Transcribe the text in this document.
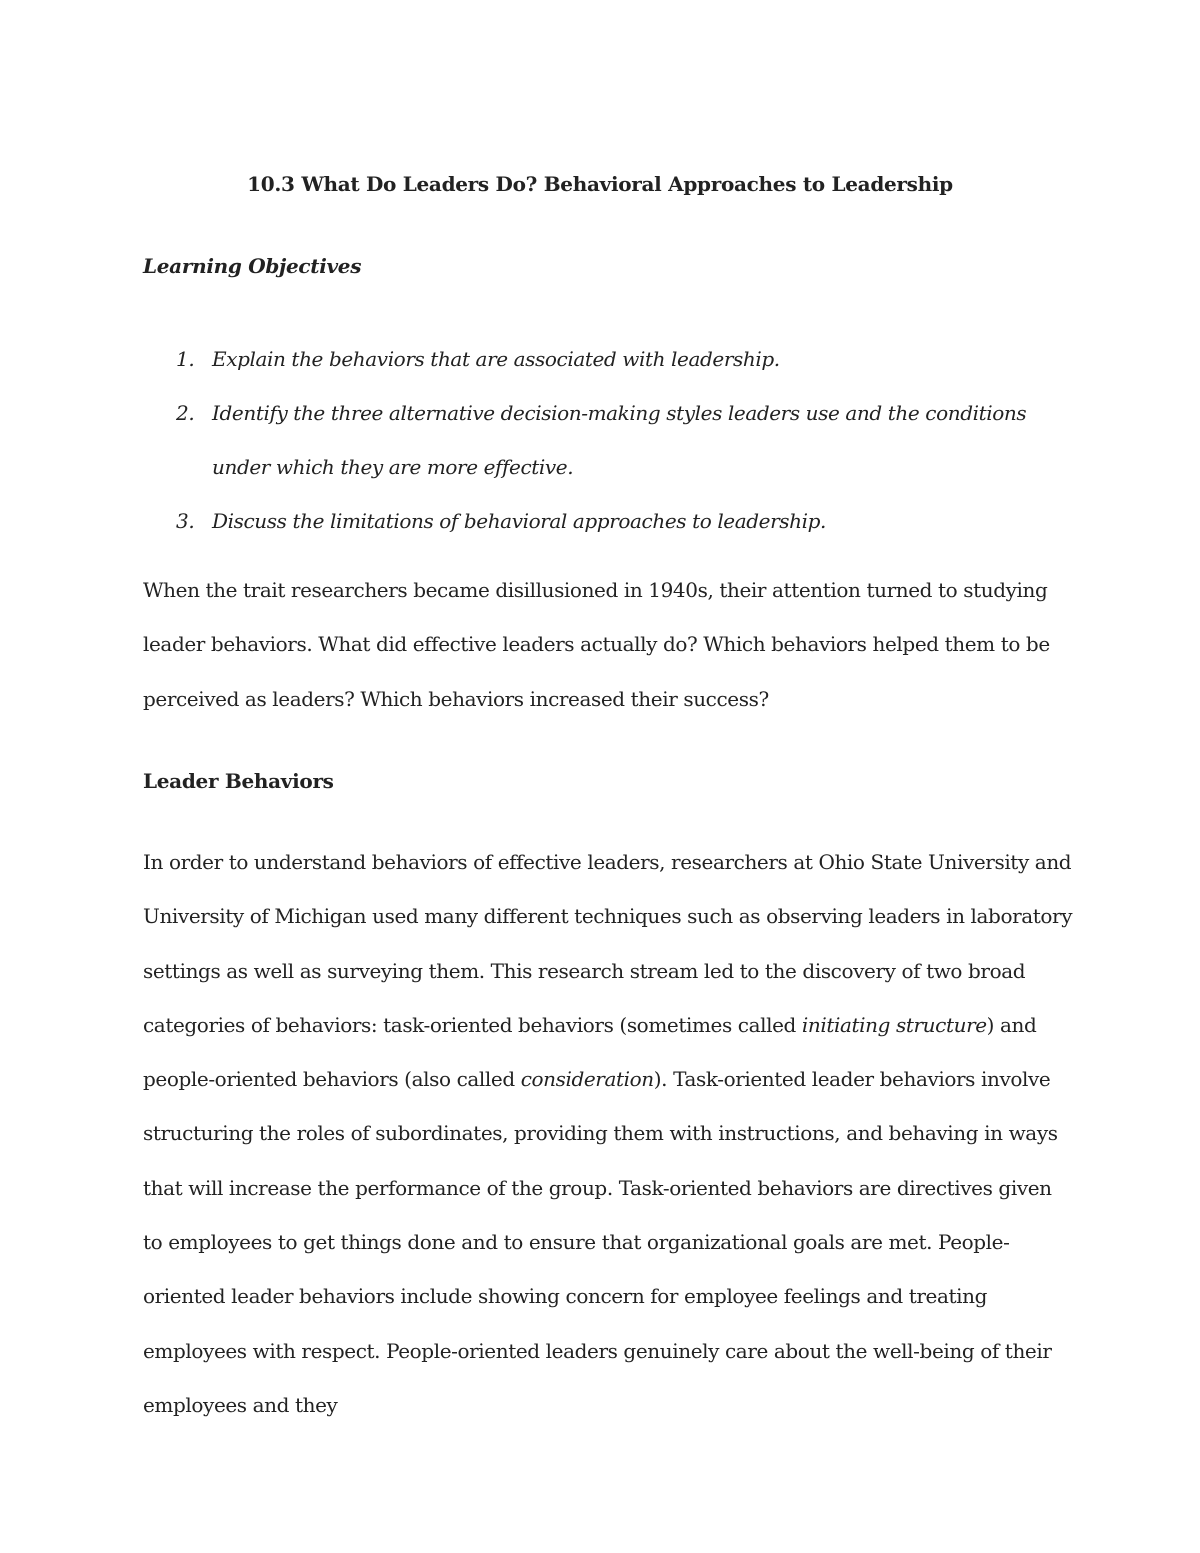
10.3 What Do Leaders Do? Behavioral Approaches to Leadership
Learning Objectives
1. Explain the behaviors that are associated with leadership.
2. Identify the three alternative decision-making styles leaders use and the conditions under which they are more effective.
3. Discuss the limitations of behavioral approaches to leadership.

When the trait researchers became disillusioned in 1940s, their attention turned to studying leader behaviors. What did effective leaders actually do? Which behaviors helped them to be perceived as leaders? Which behaviors increased their success?

Leader Behaviors

In order to understand behaviors of effective leaders, researchers at Ohio State University and University of Michigan used many different techniques such as observing leaders in laboratory settings as well as surveying them. This research stream led to the discovery of two broad categories of behaviors: task-oriented behaviors (sometimes called initiating structure) and people-oriented behaviors (also called consideration). Task-oriented leader behaviors involve structuring the roles of subordinates, providing them with instructions, and behaving in ways that will increase the performance of the group. Task-oriented behaviors are directives given to employees to get things done and to ensure that organizational goals are met. People-oriented leader behaviors include showing concern for employee feelings and treating employees with respect. People-oriented leaders genuinely care about the well-being of their employees and they
